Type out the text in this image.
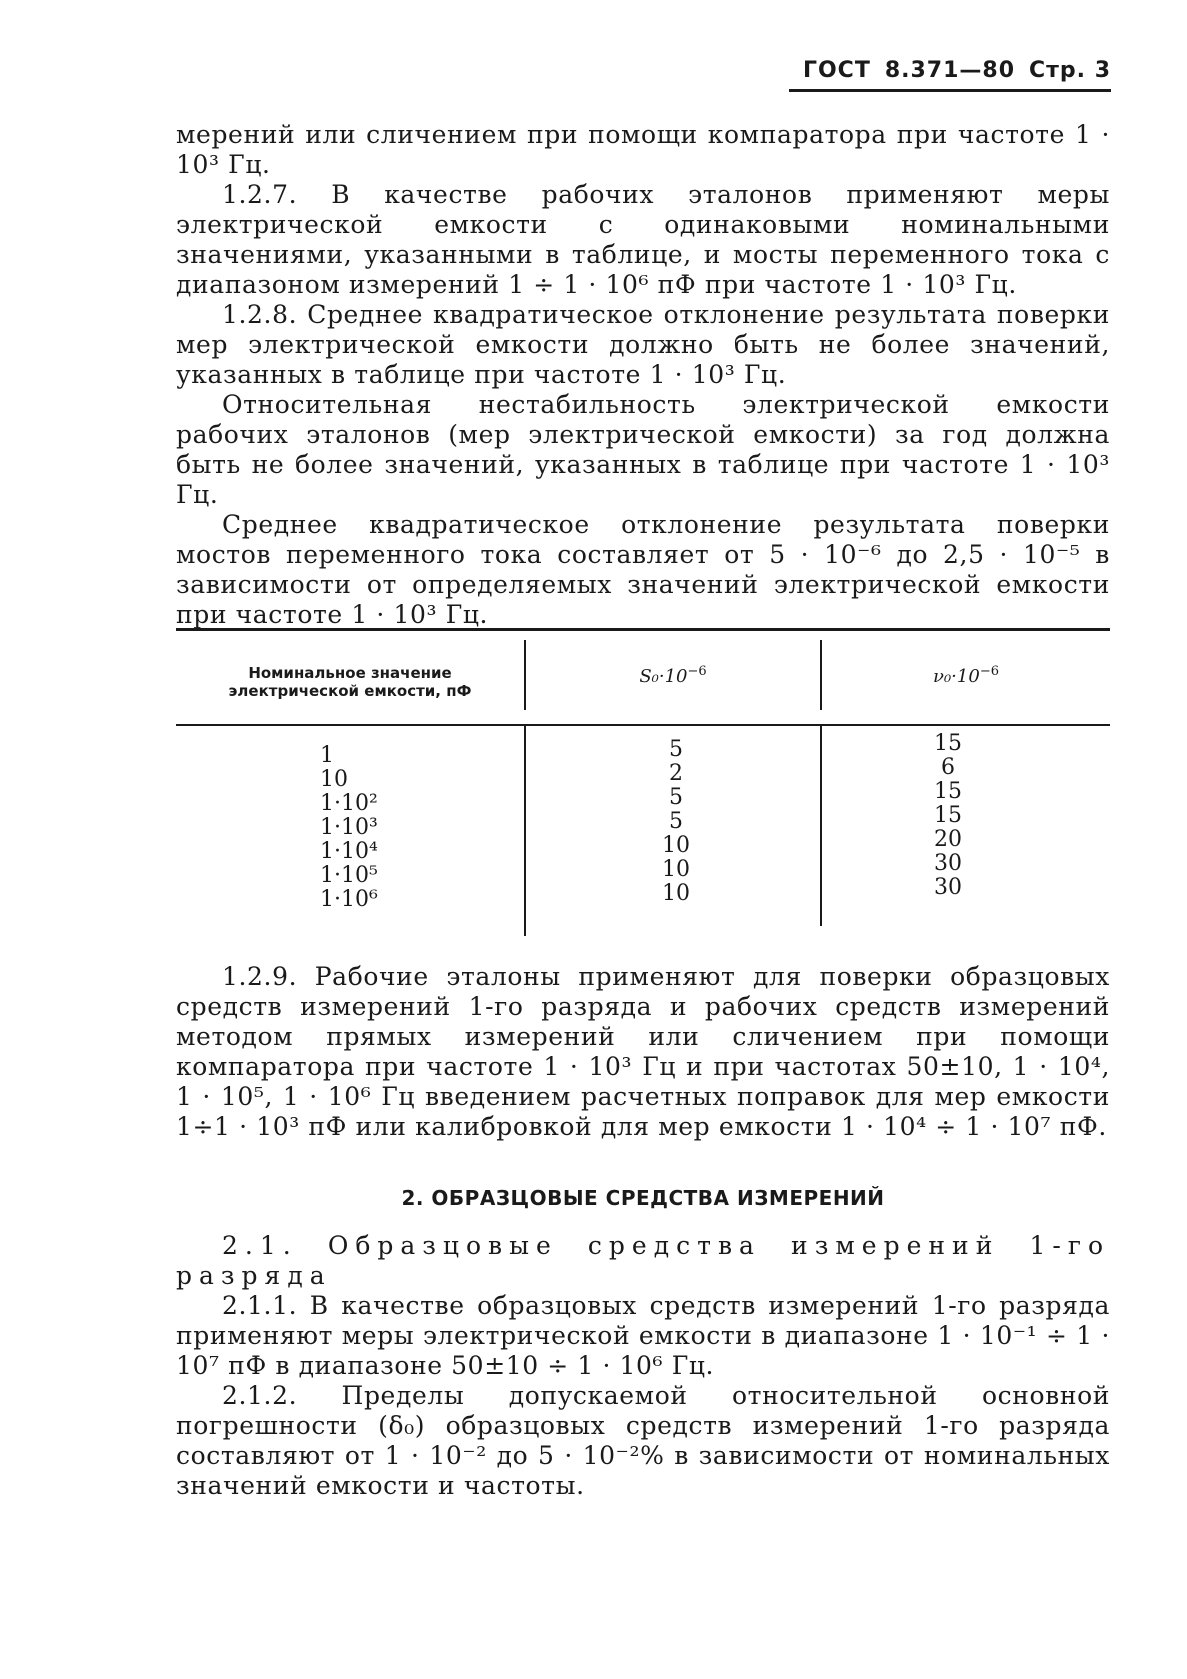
ГОСТ 8.371—80 Стр. 3

мерений или сличением при помощи компаратора при частоте 1 · 10³ Гц.

1.2.7. В качестве рабочих эталонов применяют меры электрической емкости с одинаковыми номинальными значениями, указанными в таблице, и мосты переменного тока с диапазоном измерений 1 ÷ 1 · 10⁶ пФ при частоте 1 · 10³ Гц.

1.2.8. Среднее квадратическое отклонение результата поверки мер электрической емкости должно быть не более значений, указанных в таблице при частоте 1 · 10³ Гц.

Относительная нестабильность электрической емкости рабочих эталонов (мер электрической емкости) за год должна быть не более значений, указанных в таблице при частоте 1 · 10³ Гц.

Среднее квадратическое отклонение результата поверки мостов переменного тока составляет от 5 · 10⁻⁶ до 2,5 · 10⁻⁵ в зависимости от определяемых значений электрической емкости при частоте 1 · 10³ Гц.

Номинальное значение
электрической емкости, пФ
$S_0\cdot 10^{-6}$	$\nu_0\cdot 10^{-6}$
1
10
1·10²
1·10³
1·10⁴
1·10⁵
1·10⁶
5
2
5
5
10
10
10
15
6
15
15
20
30
30

1.2.9. Рабочие эталоны применяют для поверки образцовых средств измерений 1-го разряда и рабочих средств измерений методом прямых измерений или сличением при помощи компаратора при частоте 1 · 10³ Гц и при частотах 50±10, 1 · 10⁴, 1 · 10⁵, 1 · 10⁶ Гц введением расчетных поправок для мер емкости 1÷1 · 10³ пФ или калибровкой для мер емкости 1 · 10⁴ ÷ 1 · 10⁷ пФ.

2. ОБРАЗЦОВЫЕ СРЕДСТВА ИЗМЕРЕНИЙ

2.1. Образцовые средства измерений 1-го разряда

2.1.1. В качестве образцовых средств измерений 1-го разряда применяют меры электрической емкости в диапазоне 1 · 10⁻¹ ÷ 1 · 10⁷ пФ в диапазоне 50±10 ÷ 1 · 10⁶ Гц.

2.1.2. Пределы допускаемой относительной основной погрешности (δ₀) образцовых средств измерений 1-го разряда составляют от 1 · 10⁻² до 5 · 10⁻²% в зависимости от номинальных значений емкости и частоты.
